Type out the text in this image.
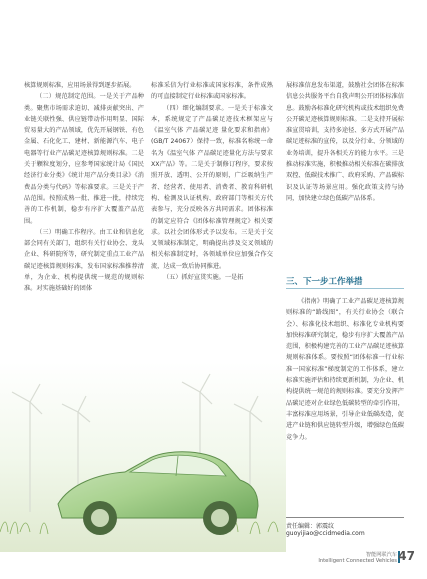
核算规则标准，应用场景得到逐步拓展。

（二）规范制定范围。一是关于产品种类。聚焦市场需求迫切、减排贡献突出、产业链关联性强、供应链带动作用明显、国际贸易量大的产品领域，优先开展钢铁、有色金属、石化化工、建材、新能源汽车、电子电器等行业产品碳足迹核算规则标准。二是关于颗粒度划分，应参考国家统计局《国民经济行业分类》《统计用产品分类目录》《消费品分类与代码》等标准要求。三是关于产品范围。按照成熟一批、推进一批，持续完善的工作机制，稳步有序扩大覆盖产品范围。

（三）明确工作程序。由工业和信息化部会同有关部门，组织有关行业协会、龙头企业、科研院所等，研究制定重点工业产品碳足迹核算规则标准，发布国家标准推荐清单，为企业、机构提供统一规范的规则标准。对实施基础好的团体

标准采信为行业标准或国家标准，条件成熟的可直接制定行业标准或国家标准。

（四）细化编制要求。一是关于标准文本，系统规定了产品碳足迹技术框架应与《温室气体 产品碳足迹 量化要求和指南》(GB/T 24067）保持一致，标准名称统一命名为《温室气体 产品碳足迹量化方法与要求 XX产品》等。二是关于制修订程序，要求按照开放、透明、公开的原则，广泛吸纳生产者、经营者、使用者、消费者、教育科研机构、检测及认证机构、政府部门等相关方代表参与，充分反映各方共同需求。团体标准的制定应符合《团体标准管理规定》相关要求。以社会团体形式予以发布。三是关于交叉领域标准制定，明确提出涉及交叉领域的相关标准制定时，各领域单位应加强合作交流，达成一致后协同推进。

（五）抓好宣贯实施。一是拓

展标准信息发布渠道，鼓励社会团体在标准信息公共服务平台自我声明公开团体标准信息。鼓励各标准化研究机构或技术组织免费公开碳足迹核算规则标准。二是支持开展标准宣贯培训，支持多途径、多方式开展产品碳足迹标准的宣传，以及分行业、分领域的业务培训，提升各相关方的能力水平。三是推动标准实施，积极推动相关标准在碳排放双控、低碳技术推广、政府采购、产品碳标识及认证等场景应用。强化政策支持与协同，加快建立绿色低碳产品体系。

三、下一步工作举措

《指南》明确了工业产品碳足迹核算规则标准的“路线图”，有关行业协会（联合会）、标准化技术组织、标准化专业机构要加快标准研究制定，稳步有序扩大覆盖产品范围，积极构建完善的工业产品碳足迹核算规则标准体系。要按照“团体标准一行业标准一国家标准”梯度制定的工作体系，建立标准实施评估和持续更新机制，为企业、机构提供统一规范的规则标准。要充分发挥产品碳足迹对企业绿色低碳转型的牵引作用，丰富标准应用场景，引导企业低碳改造，促进产业链和供应链转型升级，增强绿色低碳竞争力。

责任编辑：郭震纹
guoyijiao@ccidmedia.com
智能网联汽车
Intelligent Connected Vehicles 47
